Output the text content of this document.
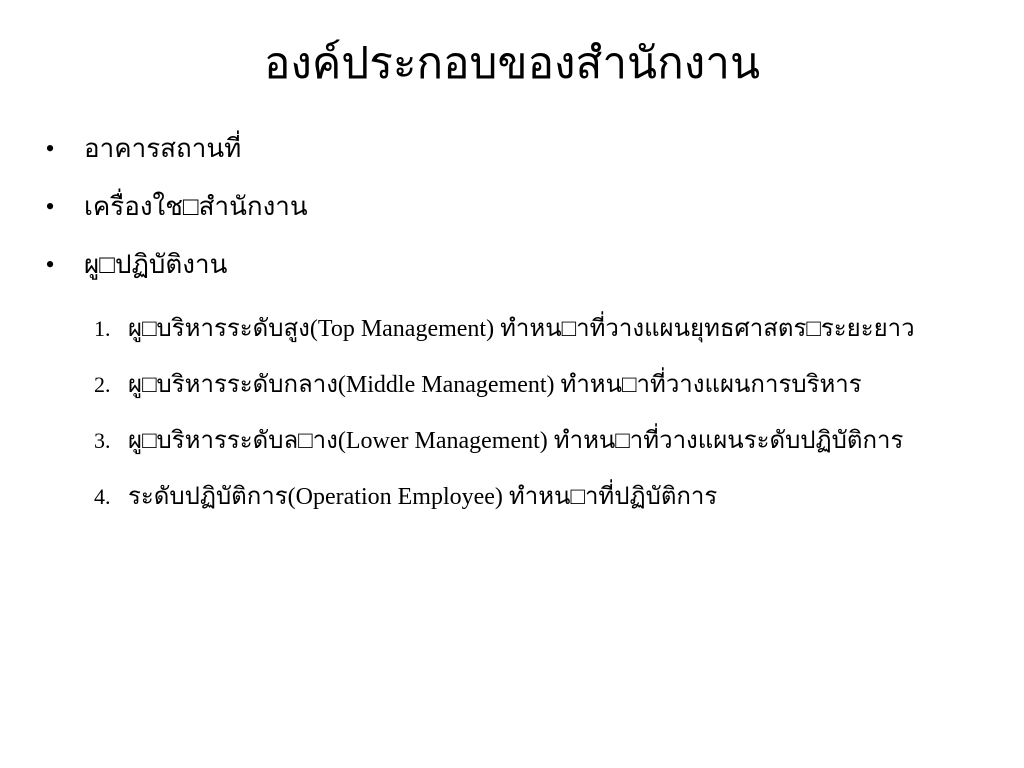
องค์ประกอบของสำนักงาน
• อาคารสถานที่
• เครื่องใช□สำนักงาน
• ผู□ปฏิบัติงาน
1. ผู□บริหารระดับสูง(Top Management) ทำหน□าที่วางแผนยุทธศาสตร□ระยะยาว
2. ผู□บริหารระดับกลาง(Middle Management) ทำหน□าที่วางแผนการบริหาร
3. ผู□บริหารระดับล□าง(Lower Management) ทำหน□าที่วางแผนระดับปฏิบัติการ
4. ระดับปฏิบัติการ(Operation Employee) ทำหน□าที่ปฏิบัติการ
